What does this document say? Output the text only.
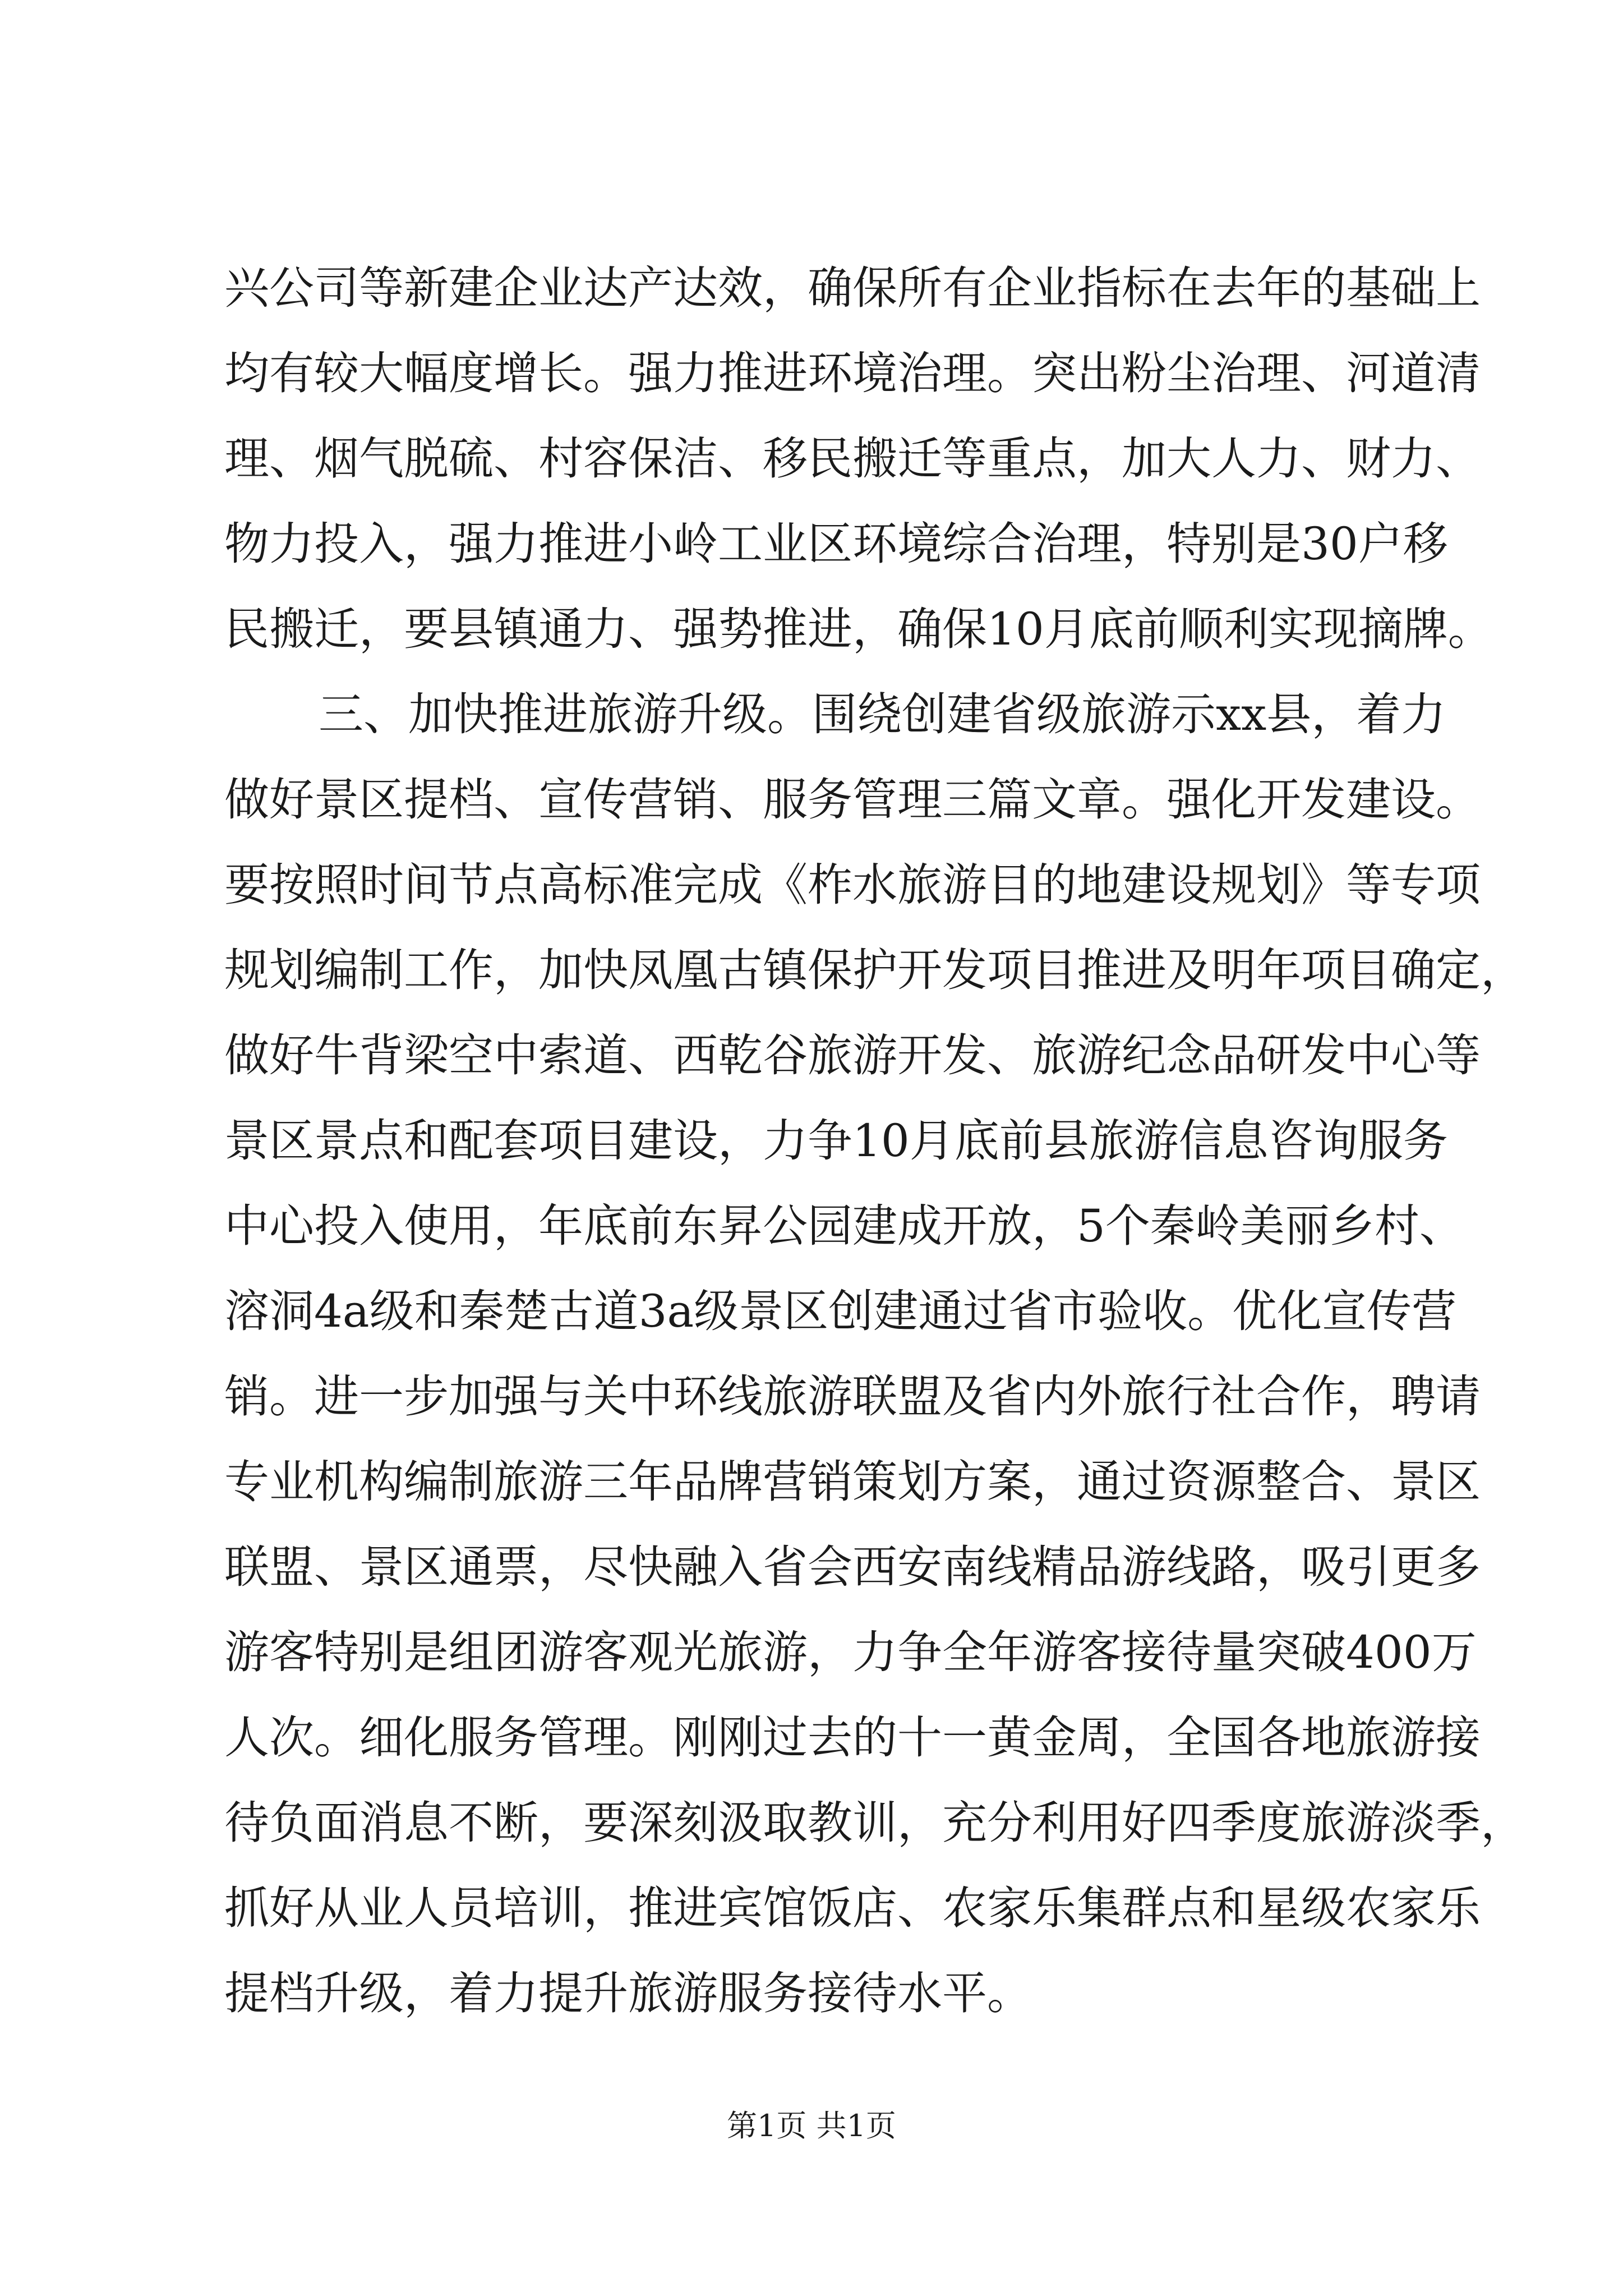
兴公司等新建企业达产达效，确保所有企业指标在去年的基础上
均有较大幅度增长。强力推进环境治理。突出粉尘治理、河道清
理、烟气脱硫、村容保洁、移民搬迁等重点，加大人力、财力、
物力投入，强力推进小岭工业区环境综合治理，特别是30户移
民搬迁，要县镇通力、强势推进，确保10月底前顺利实现摘牌。
三、加快推进旅游升级。围绕创建省级旅游示xx县，着力
做好景区提档、宣传营销、服务管理三篇文章。强化开发建设。
要按照时间节点高标准完成《柞水旅游目的地建设规划》等专项
规划编制工作，加快凤凰古镇保护开发项目推进及明年项目确定，
做好牛背梁空中索道、西乾谷旅游开发、旅游纪念品研发中心等
景区景点和配套项目建设，力争10月底前县旅游信息咨询服务
中心投入使用，年底前东昇公园建成开放，5个秦岭美丽乡村、
溶洞4a级和秦楚古道3a级景区创建通过省市验收。优化宣传营
销。进一步加强与关中环线旅游联盟及省内外旅行社合作，聘请
专业机构编制旅游三年品牌营销策划方案，通过资源整合、景区
联盟、景区通票，尽快融入省会西安南线精品游线路，吸引更多
游客特别是组团游客观光旅游，力争全年游客接待量突破400万
人次。细化服务管理。刚刚过去的十一黄金周，全国各地旅游接
待负面消息不断，要深刻汲取教训，充分利用好四季度旅游淡季，
抓好从业人员培训，推进宾馆饭店、农家乐集群点和星级农家乐
提档升级，着力提升旅游服务接待水平。
第1页 共1页
